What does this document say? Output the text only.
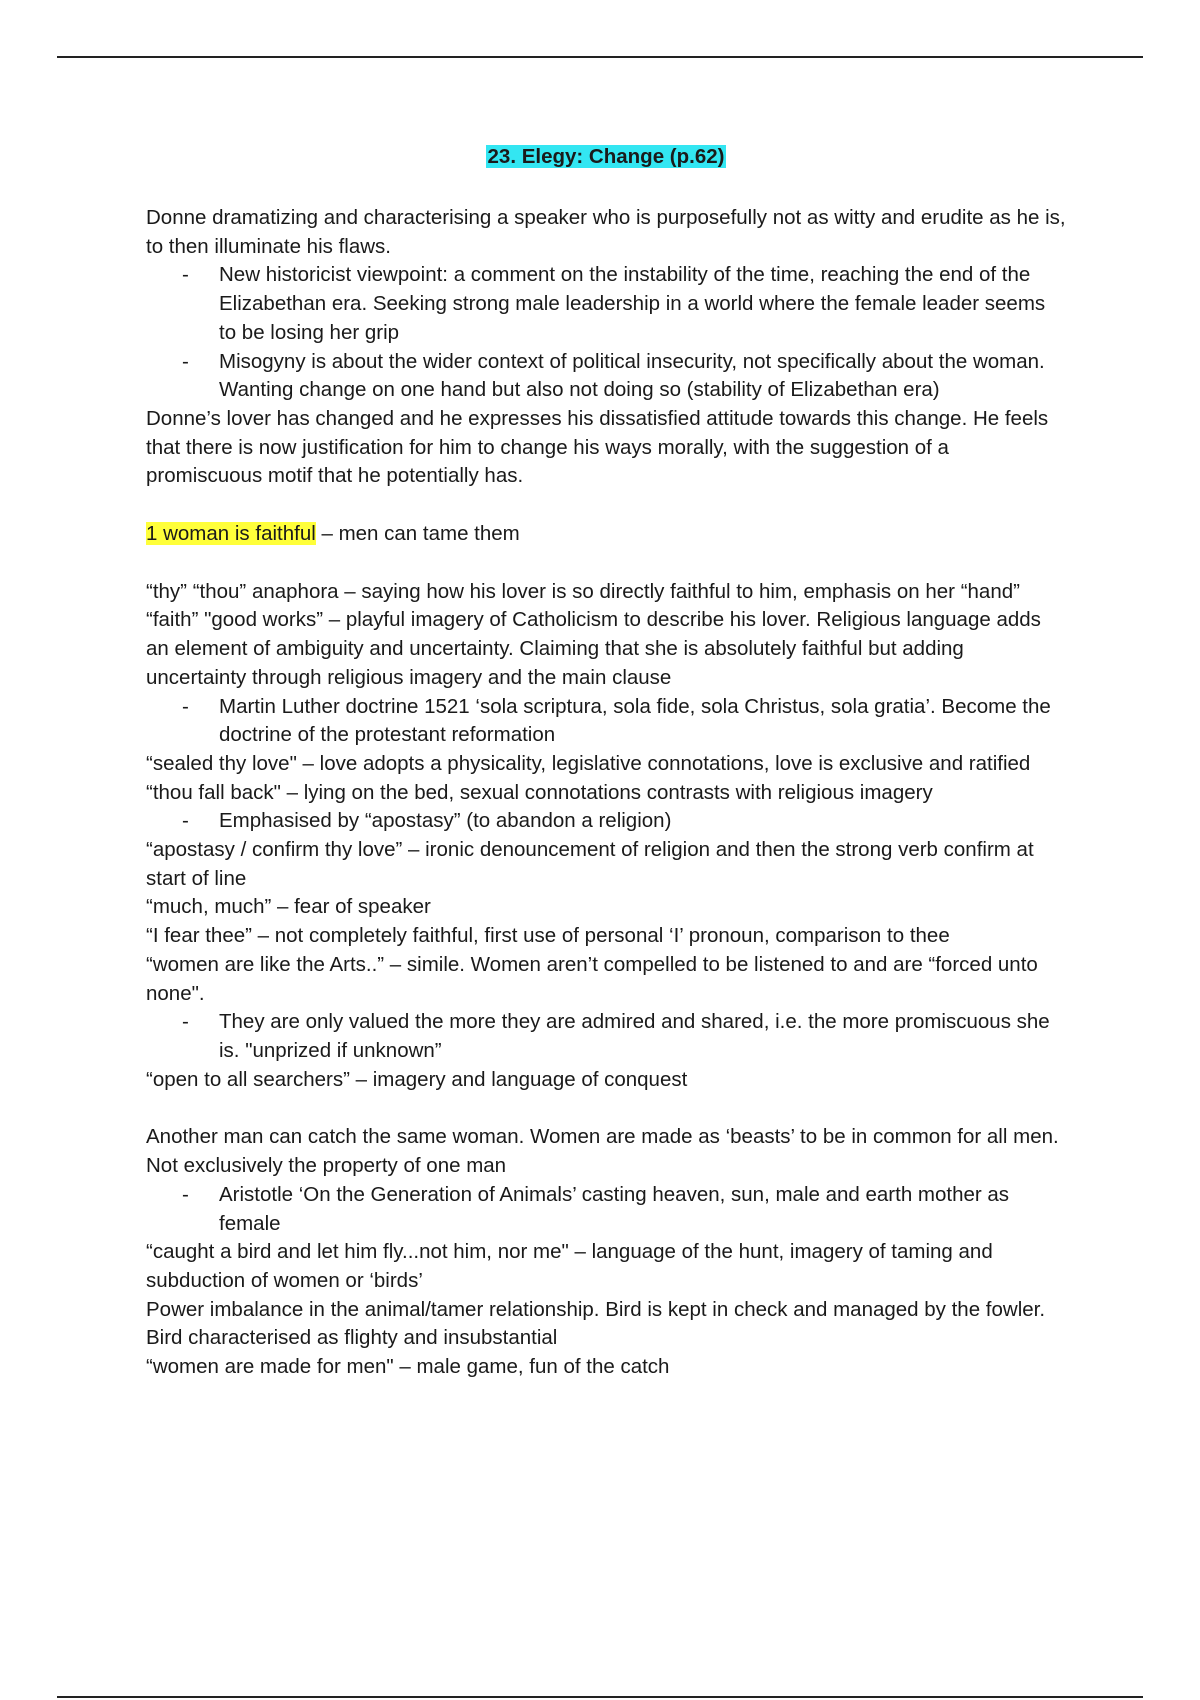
23. Elegy: Change (p.62)

Donne dramatizing and characterising a speaker who is purposefully not as witty and erudite as he is, to then illuminate his flaws.

- New historicist viewpoint: a comment on the instability of the time, reaching the end of the Elizabethan era. Seeking strong male leadership in a world where the female leader seems to be losing her grip

- Misogyny is about the wider context of political insecurity, not specifically about the woman. Wanting change on one hand but also not doing so (stability of Elizabethan era)

Donne’s lover has changed and he expresses his dissatisfied attitude towards this change. He feels that there is now justification for him to change his ways morally, with the suggestion of a promiscuous motif that he potentially has.

1 woman is faithful – men can tame them

“thy” “thou” anaphora – saying how his lover is so directly faithful to him, emphasis on her “hand” “faith” "good works” – playful imagery of Catholicism to describe his lover. Religious language adds an element of ambiguity and uncertainty. Claiming that she is absolutely faithful but adding uncertainty through religious imagery and the main clause

- Martin Luther doctrine 1521 ‘sola scriptura, sola fide, sola Christus, sola gratia’. Become the doctrine of the protestant reformation

“sealed thy love" – love adopts a physicality, legislative connotations, love is exclusive and ratified

“thou fall back" – lying on the bed, sexual connotations contrasts with religious imagery

- Emphasised by “apostasy” (to abandon a religion)

“apostasy / confirm thy love” – ironic denouncement of religion and then the strong verb confirm at start of line

“much, much” – fear of speaker

“I fear thee” – not completely faithful, first use of personal ‘I’ pronoun, comparison to thee

“women are like the Arts..” – simile. Women aren’t compelled to be listened to and are “forced unto none".

- They are only valued the more they are admired and shared, i.e. the more promiscuous she is. "unprized if unknown”

“open to all searchers” – imagery and language of conquest

Another man can catch the same woman. Women are made as ‘beasts’ to be in common for all men. Not exclusively the property of one man

- Aristotle ‘On the Generation of Animals’ casting heaven, sun, male and earth mother as female

“caught a bird and let him fly...not him, nor me" – language of the hunt, imagery of taming and subduction of women or ‘birds’

Power imbalance in the animal/tamer relationship. Bird is kept in check and managed by the fowler. Bird characterised as flighty and insubstantial

“women are made for men" – male game, fun of the catch
